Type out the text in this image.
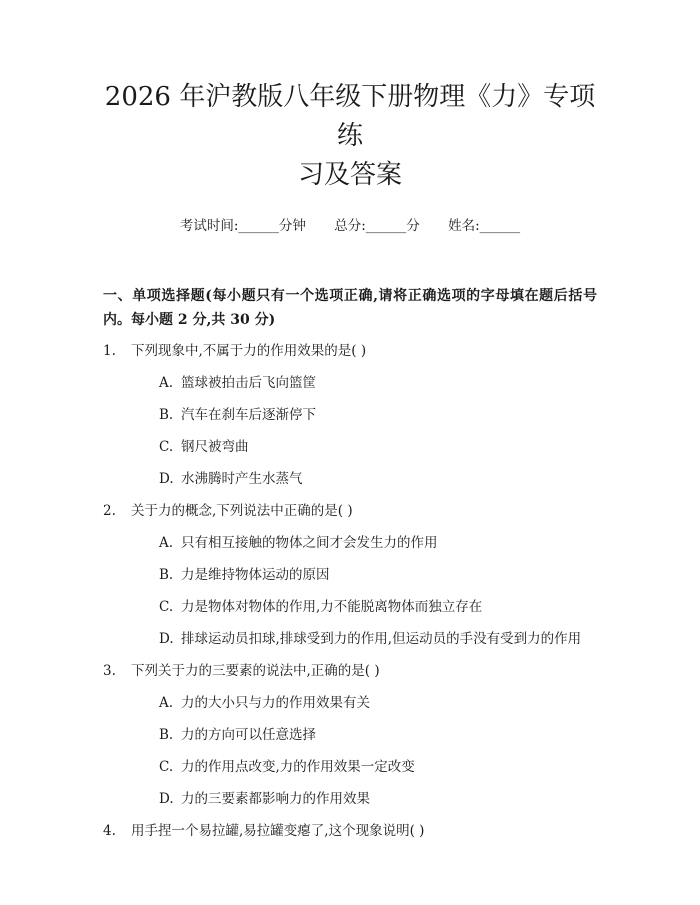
2026 年沪教版八年级下册物理《力》专项练
习及答案
考试时间:______分钟 总分:______分 姓名:______
一、单项选择题(每小题只有一个选项正确,请将正确选项的字母填在题后括号内。每小题 2 分,共 30 分)

1. 下列现象中,不属于力的作用效果的是( )

A. 篮球被拍击后飞向篮筐
B. 汽车在刹车后逐渐停下
C. 钢尺被弯曲
D. 水沸腾时产生水蒸气

2. 关于力的概念,下列说法中正确的是( )

A. 只有相互接触的物体之间才会发生力的作用
B. 力是维持物体运动的原因
C. 力是物体对物体的作用,力不能脱离物体而独立存在
D. 排球运动员扣球,排球受到力的作用,但运动员的手没有受到力的作用

3. 下列关于力的三要素的说法中,正确的是( )

A. 力的大小只与力的作用效果有关
B. 力的方向可以任意选择
C. 力的作用点改变,力的作用效果一定改变
D. 力的三要素都影响力的作用效果

4. 用手捏一个易拉罐,易拉罐变瘪了,这个现象说明( )
